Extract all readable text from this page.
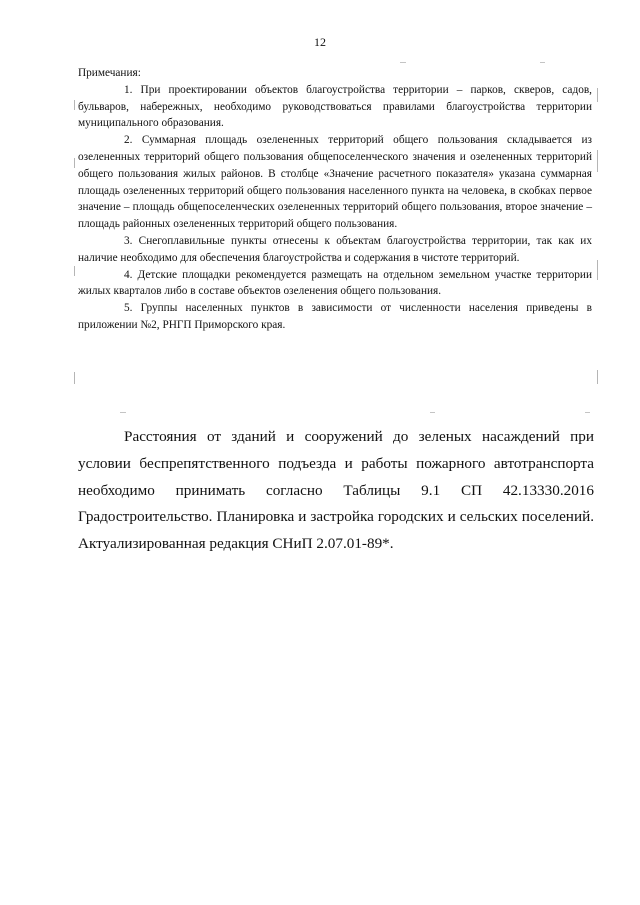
12

Примечания:

1. При проектировании объектов благоустройства территории – парков, скверов, садов, бульваров, набережных, необходимо руководствоваться правилами благоустройства территории муниципального образования.

2. Суммарная площадь озелененных территорий общего пользования складывается из озелененных территорий общего пользования общепоселенческого значения и озелененных территорий общего пользования жилых районов. В столбце «Значение расчетного показателя» указана суммарная площадь озелененных территорий общего пользования населенного пункта на человека, в скобках первое значение – площадь общепоселенческих озелененных территорий общего пользования, второе значение – площадь районных озелененных территорий общего пользования.

3. Снегоплавильные пункты отнесены к объектам благоустройства территории, так как их наличие необходимо для обеспечения благоустройства и содержания в чистоте территорий.

4. Детские площадки рекомендуется размещать на отдельном земельном участке территории жилых кварталов либо в составе объектов озеленения общего пользования.

5. Группы населенных пунктов в зависимости от численности населения приведены в приложении №2, РНГП Приморского края.

Расстояния от зданий и сооружений до зеленых насаждений при условии беспрепятственного подъезда и работы пожарного автотранспорта необходимо принимать согласно Таблицы 9.1 СП 42.13330.2016 Градостроительство. Планировка и застройка городских и сельских поселений. Актуализированная редакция СНиП 2.07.01-89*.
